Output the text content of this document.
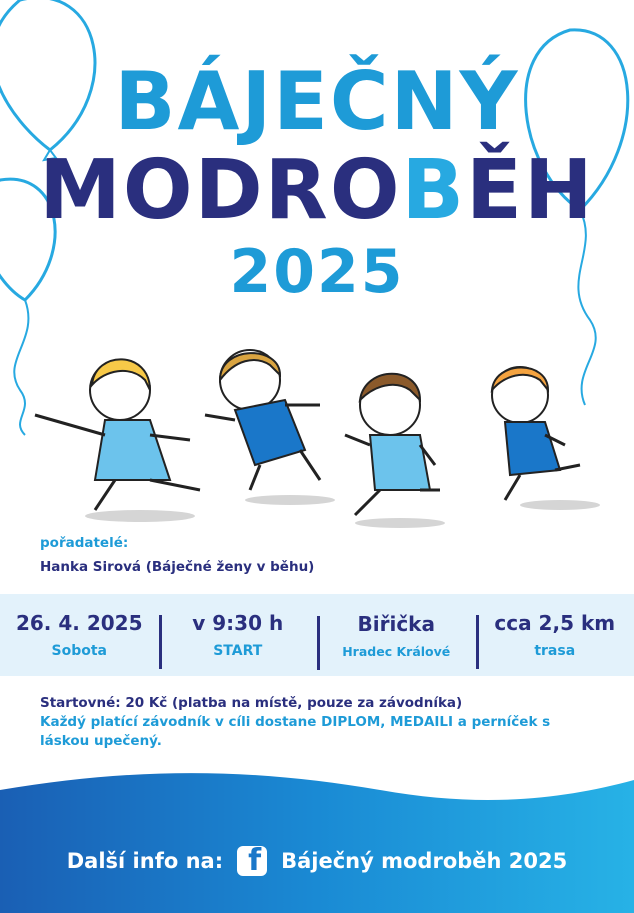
BÁJEČNÝ
MODROBĚH
2025
pořadatelé:
Hanka Sirová (Báječné ženy v běhu)
26. 4. 2025
Sobota
v 9:30 h
START
Biřička
Hradec Králové
cca 2,5 km
trasa
Startovné: 20 Kč (platba na místě, pouze za závodníka)
Každý platící závodník v cíli dostane DIPLOM, MEDAILI a perníček s láskou upečený.
Další info na: f Báječný modroběh 2025
